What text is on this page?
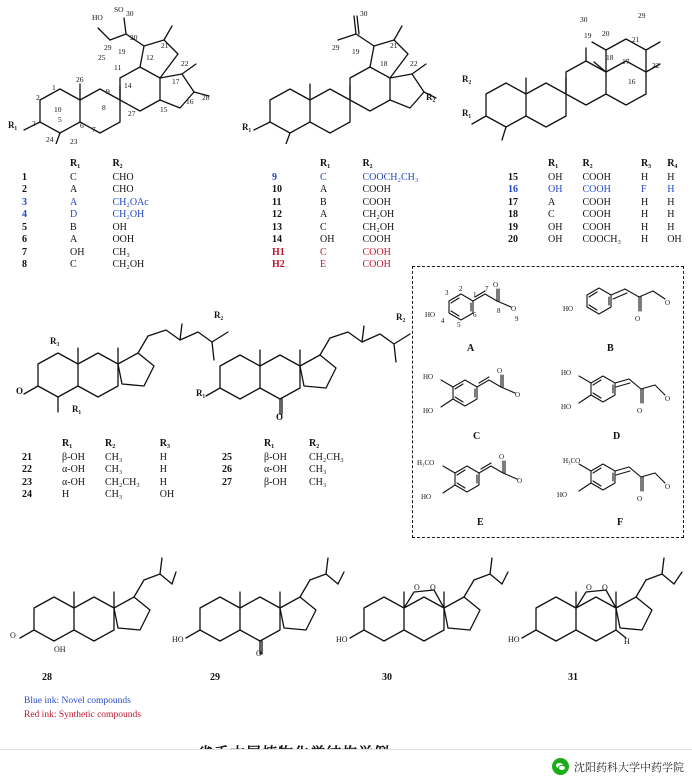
HO	30
29
20
19
12
21
22
17
16 28
15
27
11
25
26
14
9
8
1
2
3	5
6 7
10
24 23
SO
R₁
30
29 19
21
22
18
R₁
R₂
30	29
19 20
21
18 17	22
16
R₂
R₁
	R₁	R₂
1	C	CHO
2	A	CHO
3	A	CH₂OAc
4	D	CH₂OH
5	B	OH
6	A	OOH
7	OH	CH₃
8	C	CH₂OH
	R₁	R₂
9	C	COOCH₂CH₃
10	A	COOH
11	B	COOH
12	A	CH₂OH
13	C	CH₂OH
14	OH	COOH
H1	C	COOH
H2	E	COOH
	R₁	R₂	R₃	R₄
15	OH	COOH	H	H
16	OH	COOH	F	H
17	A	COOH	H	H
18	C	COOH	H	H
19	OH	COOH	H	H
20	OH	COOCH₃	H	OH
R₂
R₃
O
R₁
R₂
R₁
O
	R₁	R₂	R₃
21	β-OH	CH₃	H
22	α-OH	CH₃	H
23	α-OH	CH₂CH₃	H
24	H	CH₃	OH
	R₁	R₂
25	β-OH	CH₂CH₃
26	α-OH	CH₃
27	β-OH	CH₃
HO
O
O
3 2
1
4 5
6
7
8
9
A
HO
O
O
B
HO
HO
O
O
C
HO
HO	O
O
D
H₃CO
HO
O
O
E
H₃CO
HO	O
O
F
O
OH
28
HO
O
29
HO
O O
30
HO
O O
H
31
Blue ink: Novel compounds
Red ink: Synthetic compounds
沈阳药科大学中药学院
